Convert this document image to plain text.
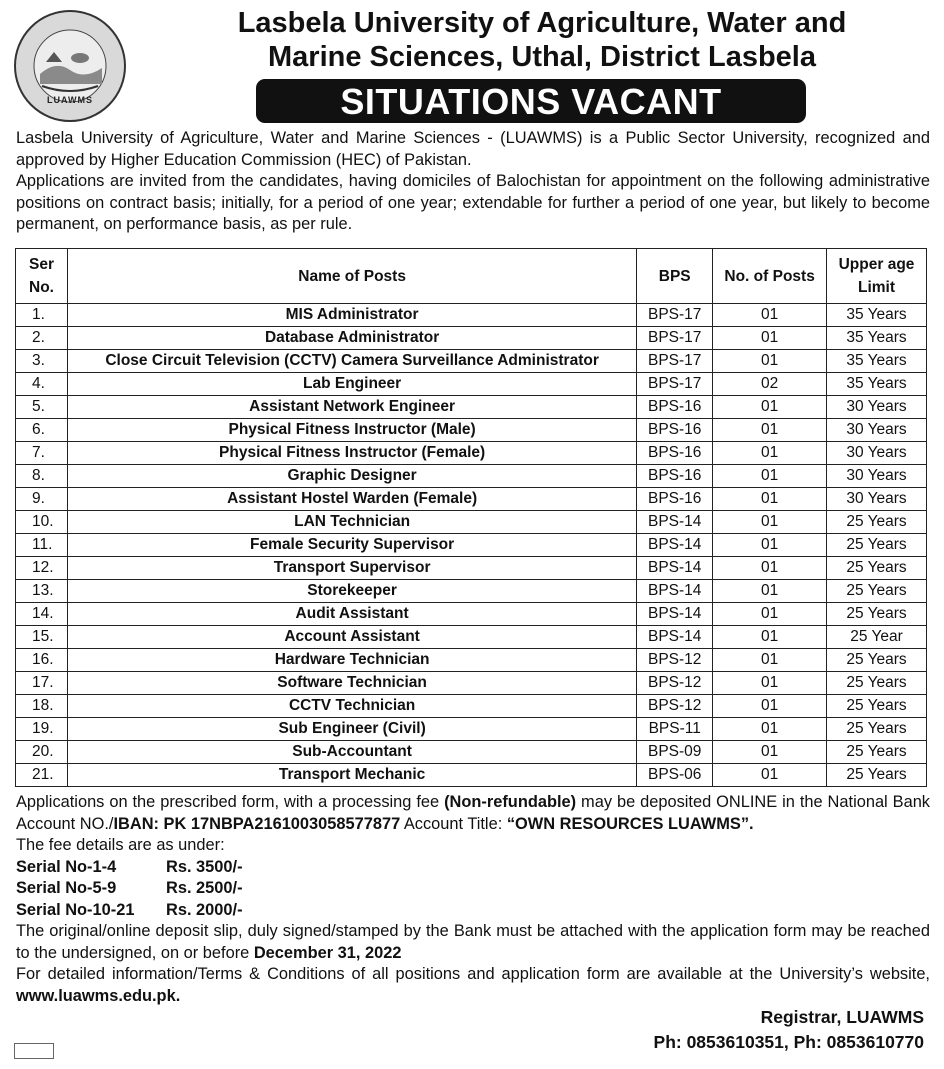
LUAWMS
Lasbela University of Agriculture, Water and
Marine Sciences, Uthal, District Lasbela
SITUATIONS VACANT

Lasbela University of Agriculture, Water and Marine Sciences - (LUAWMS) is a Public Sector University, recognized and approved by Higher Education Commission (HEC) of Pakistan.

Applications are invited from the candidates, having domiciles of Balochistan for appointment on the following administrative positions on contract basis; initially, for a period of one year; extendable for further a period of one year, but likely to become permanent, on performance basis, as per rule.

Ser No.	Name of Posts	BPS	No. of Posts	Upper age Limit
1.	MIS Administrator	BPS-17	01	35 Years
2.	Database Administrator	BPS-17	01	35 Years
3.	Close Circuit Television (CCTV) Camera Surveillance Administrator	BPS-17	01	35 Years
4.	Lab Engineer	BPS-17	02	35 Years
5.	Assistant Network Engineer	BPS-16	01	30 Years
6.	Physical Fitness Instructor (Male)	BPS-16	01	30 Years
7.	Physical Fitness Instructor (Female)	BPS-16	01	30 Years
8.	Graphic Designer	BPS-16	01	30 Years
9.	Assistant Hostel Warden (Female)	BPS-16	01	30 Years
10.	LAN Technician	BPS-14	01	25 Years
11.	Female Security Supervisor	BPS-14	01	25 Years
12.	Transport Supervisor	BPS-14	01	25 Years
13.	Storekeeper	BPS-14	01	25 Years
14.	Audit Assistant	BPS-14	01	25 Years
15.	Account Assistant	BPS-14	01	25 Year
16.	Hardware Technician	BPS-12	01	25 Years
17.	Software Technician	BPS-12	01	25 Years
18.	CCTV Technician	BPS-12	01	25 Years
19.	Sub Engineer (Civil)	BPS-11	01	25 Years
20.	Sub-Accountant	BPS-09	01	25 Years
21.	Transport Mechanic	BPS-06	01	25 Years

Applications on the prescribed form, with a processing fee (Non-refundable) may be deposited ONLINE in the National Bank Account NO./IBAN: PK 17NBPA2161003058577877 Account Title: “OWN RESOURCES LUAWMS”.

The fee details are as under:

Serial No-1-4	Rs. 3500/-
Serial No-5-9	Rs. 2500/-
Serial No-10-21	Rs. 2000/-

The original/online deposit slip, duly signed/stamped by the Bank must be attached with the application form may be reached to the undersigned, on or before December 31, 2022

For detailed information/Terms & Conditions of all positions and application form are available at the University’s website, www.luawms.edu.pk.

Registrar, LUAWMS
Ph: 0853610351, Ph: 0853610770
